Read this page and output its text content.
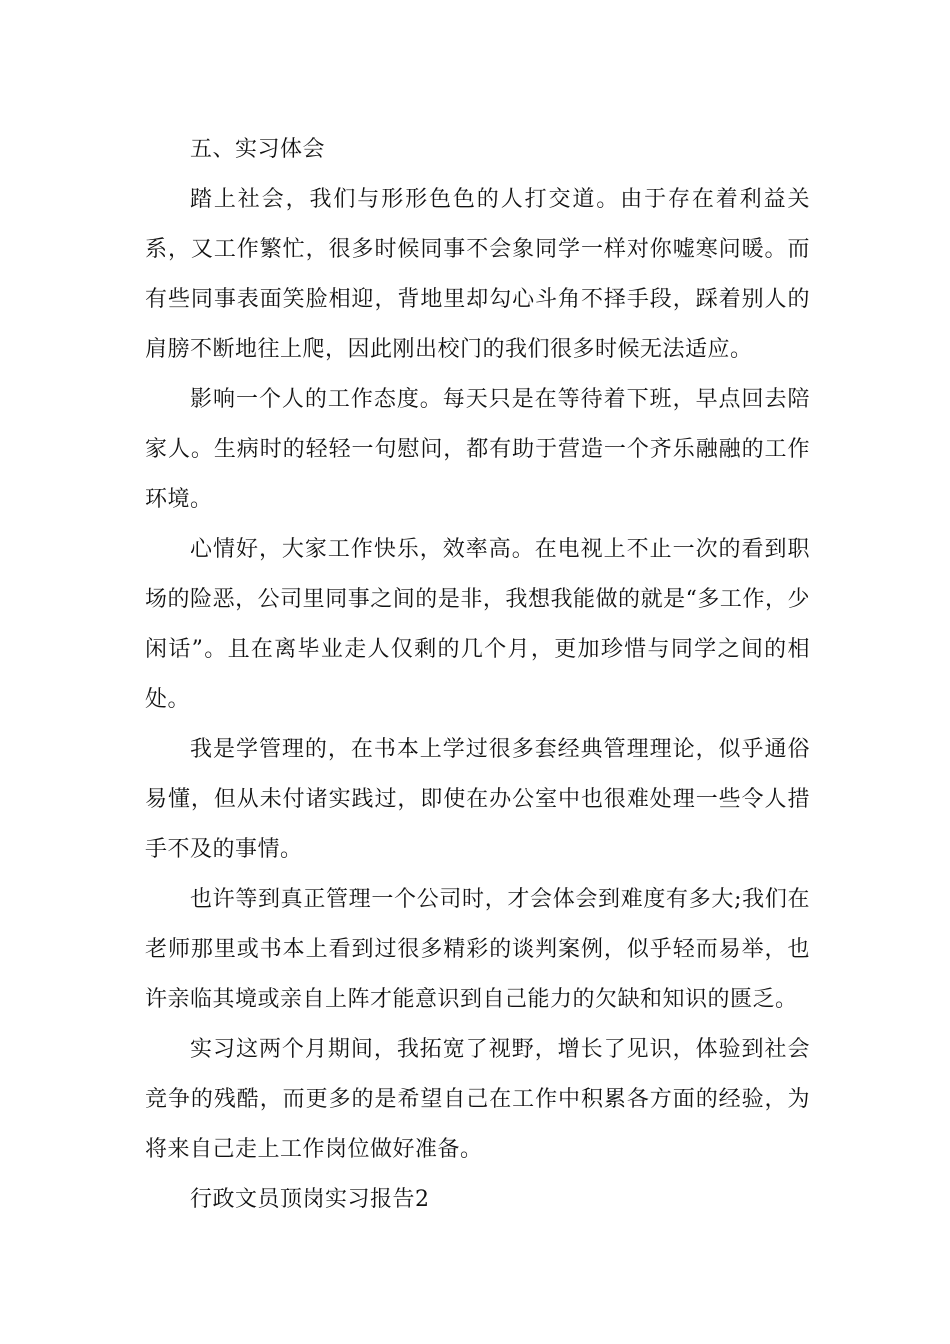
五、实习体会

踏上社会，我们与形形色色的人打交道。由于存在着利益关系，又工作繁忙，很多时候同事不会象同学一样对你嘘寒问暖。而有些同事表面笑脸相迎，背地里却勾心斗角不择手段，踩着别人的肩膀不断地往上爬，因此刚出校门的我们很多时候无法适应。

影响一个人的工作态度。每天只是在等待着下班，早点回去陪家人。生病时的轻轻一句慰问，都有助于营造一个齐乐融融的工作环境。

心情好，大家工作快乐，效率高。在电视上不止一次的看到职场的险恶，公司里同事之间的是非，我想我能做的就是“多工作，少闲话”。且在离毕业走人仅剩的几个月，更加珍惜与同学之间的相处。

我是学管理的，在书本上学过很多套经典管理理论，似乎通俗易懂，但从未付诸实践过，即使在办公室中也很难处理一些令人措手不及的事情。

也许等到真正管理一个公司时，才会体会到难度有多大;我们在老师那里或书本上看到过很多精彩的谈判案例，似乎轻而易举，也许亲临其境或亲自上阵才能意识到自己能力的欠缺和知识的匮乏。

实习这两个月期间，我拓宽了视野，增长了见识，体验到社会竞争的残酷，而更多的是希望自己在工作中积累各方面的经验，为将来自己走上工作岗位做好准备。

行政文员顶岗实习报告2
